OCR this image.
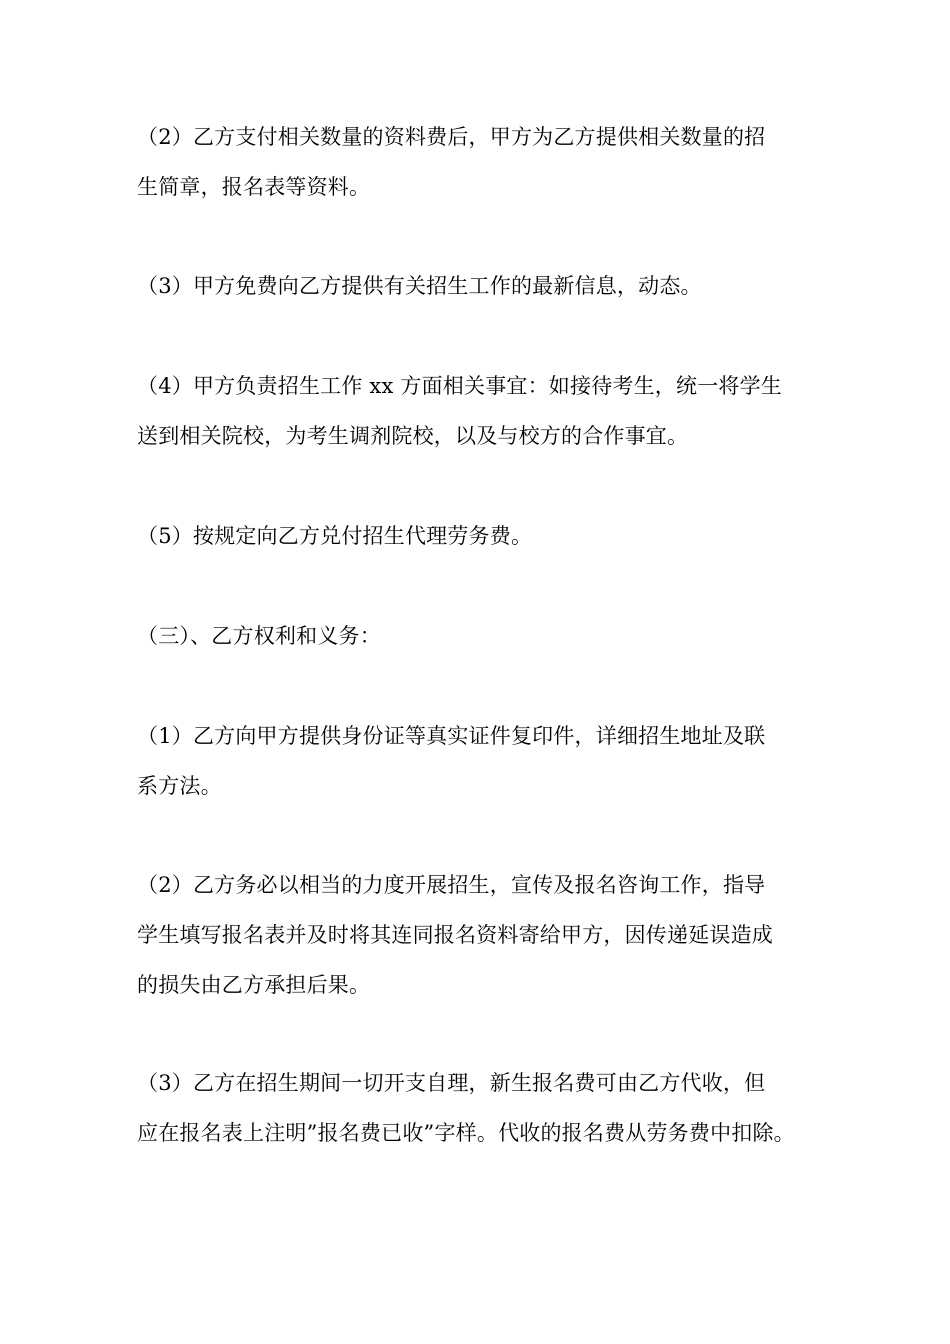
（2）乙方支付相关数量的资料费后，甲方为乙方提供相关数量的招
生简章，报名表等资料。

（3）甲方免费向乙方提供有关招生工作的最新信息，动态。

（4）甲方负责招生工作 xx 方面相关事宜：如接待考生，统一将学生
送到相关院校，为考生调剂院校，以及与校方的合作事宜。

（5）按规定向乙方兑付招生代理劳务费。

（三）、乙方权利和义务：

（1）乙方向甲方提供身份证等真实证件复印件，详细招生地址及联
系方法。

（2）乙方务必以相当的力度开展招生，宣传及报名咨询工作，指导
学生填写报名表并及时将其连同报名资料寄给甲方，因传递延误造成
的损失由乙方承担后果。

（3）乙方在招生期间一切开支自理，新生报名费可由乙方代收，但
应在报名表上注明”报名费已收”字样。代收的报名费从劳务费中扣除。
